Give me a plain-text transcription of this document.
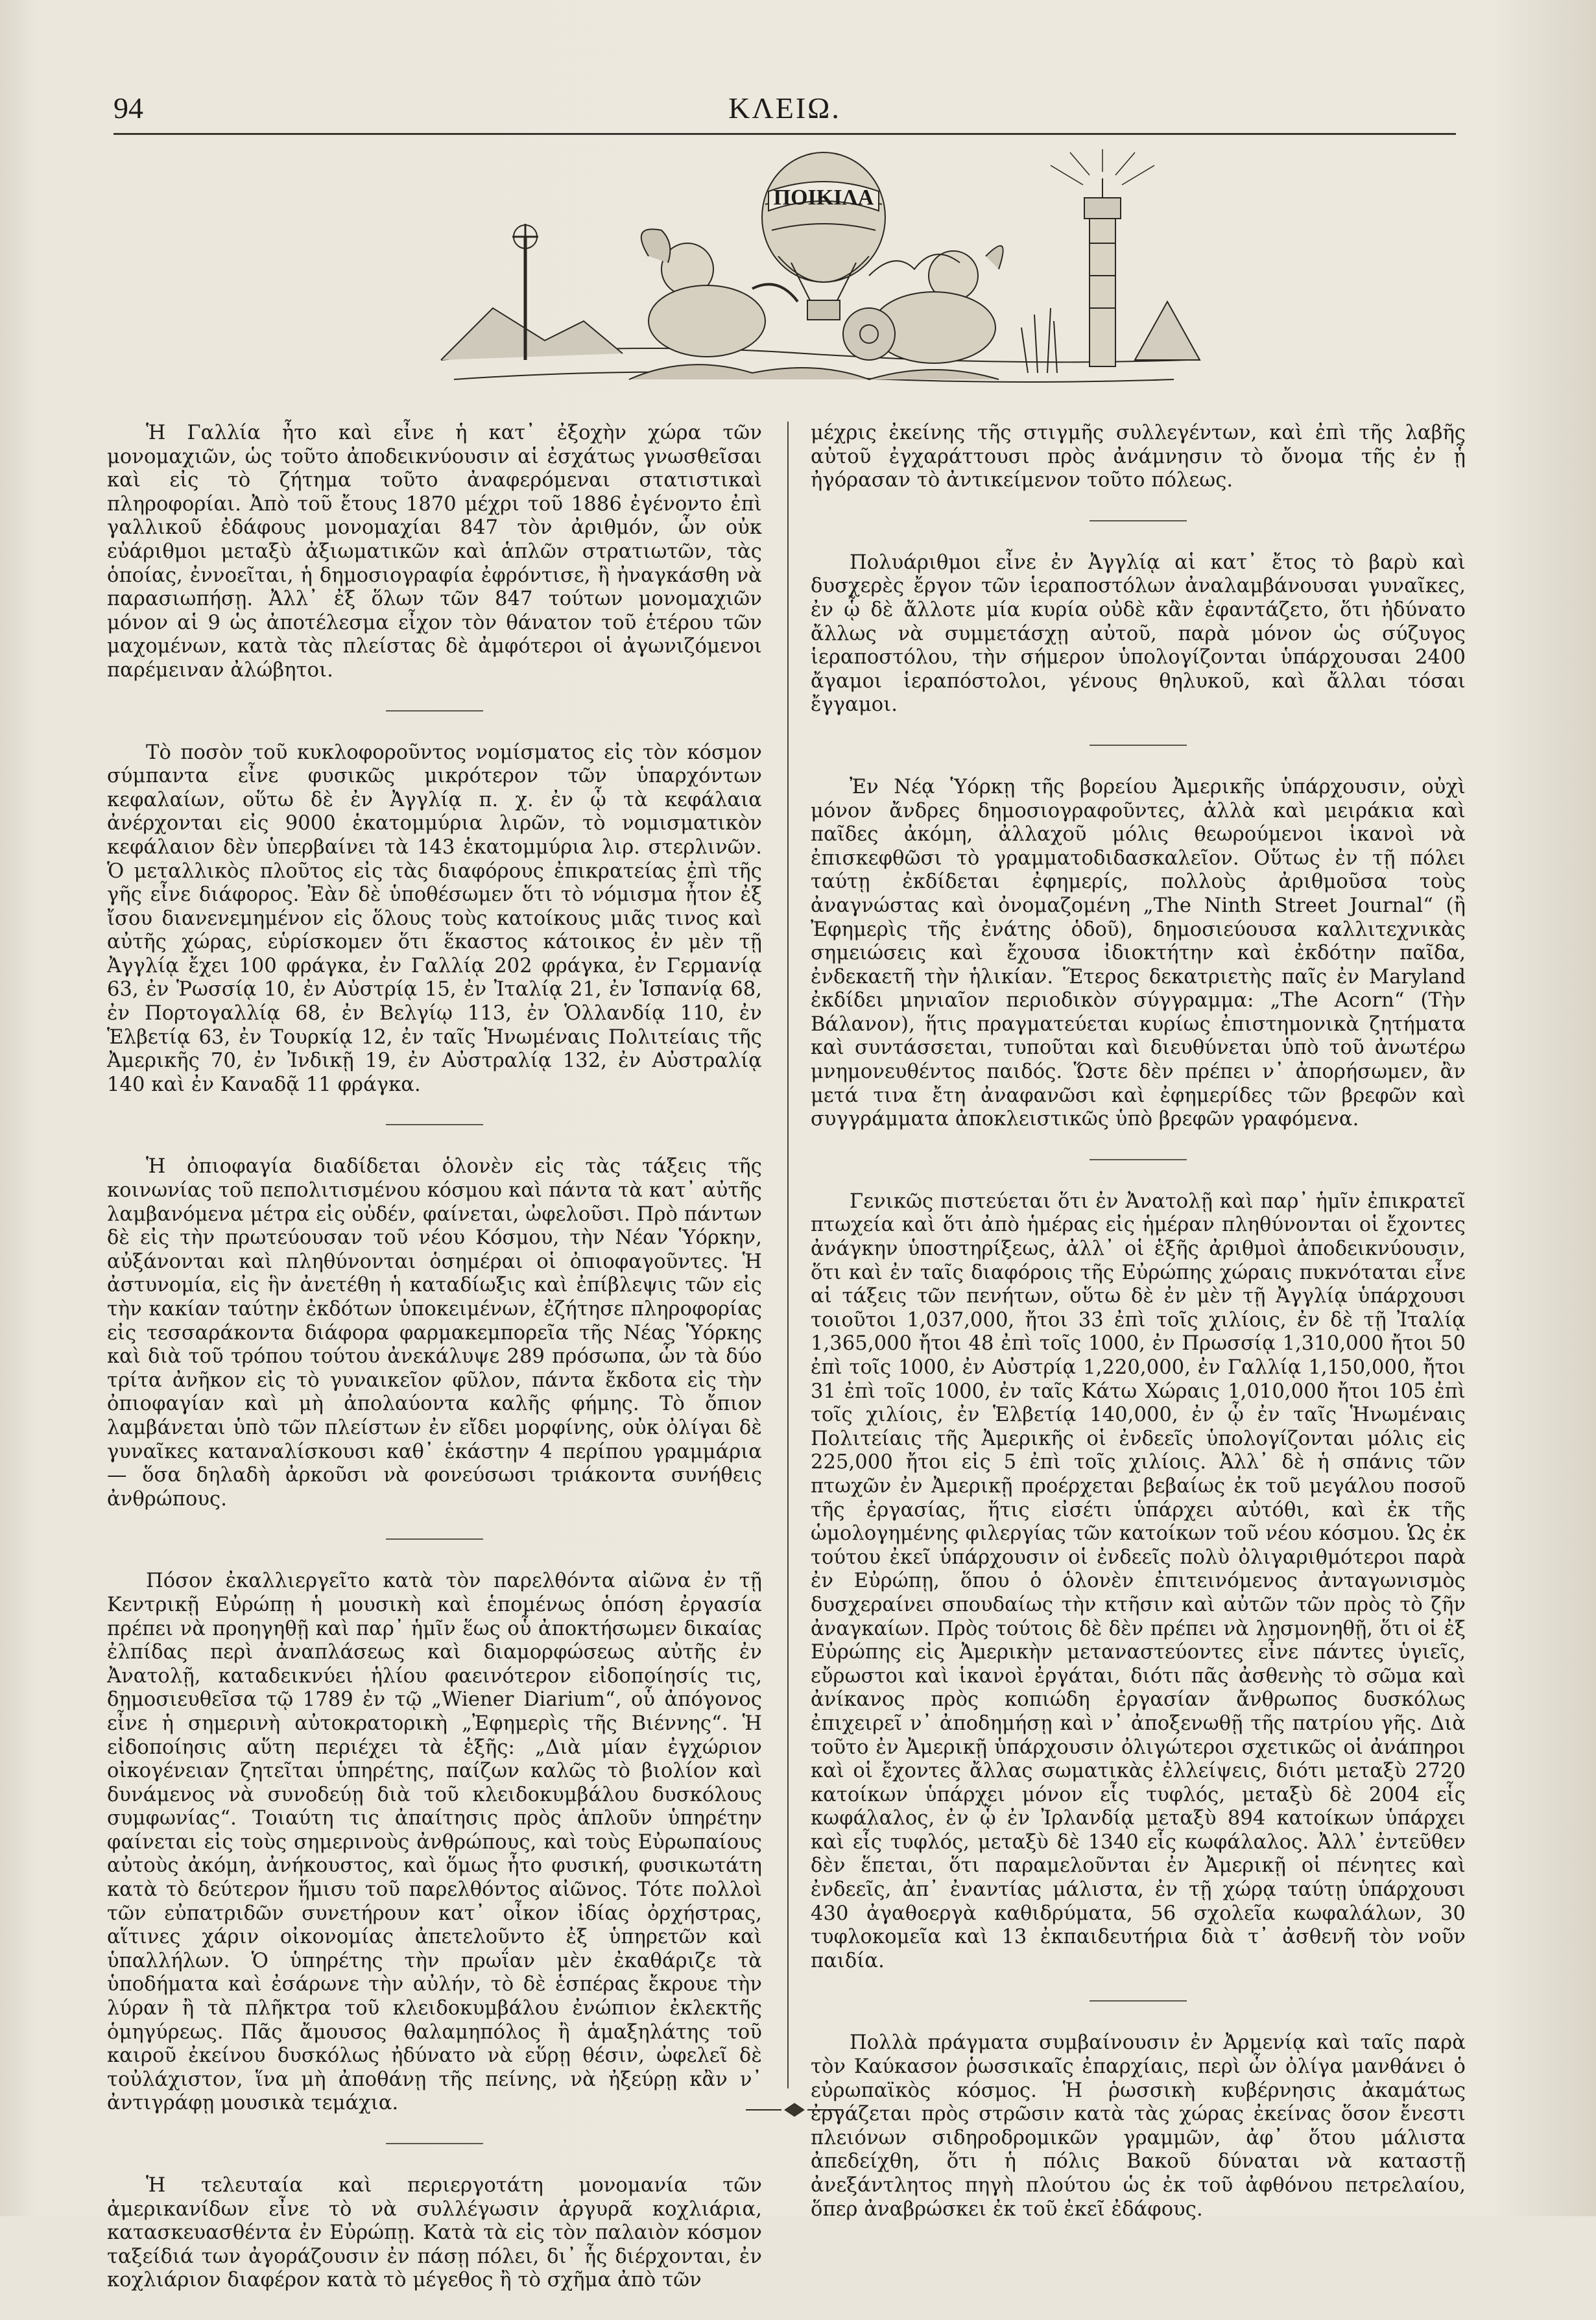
94	ΚΛΕΙΩ.
ΠΟΙΚΙΛΑ

Ἡ Γαλλία ἦτο καὶ εἶνε ἡ κατ᾽ ἐξοχὴν χώρα τῶν μονομαχιῶν, ὡς τοῦτο ἀποδεικνύουσιν αἱ ἐσχάτως γνωσθεῖσαι καὶ εἰς τὸ ζήτημα τοῦτο ἀναφερόμεναι στατιστικαὶ πληροφορίαι. Ἀπὸ τοῦ ἔτους 1870 μέχρι τοῦ 1886 ἐγένοντο ἐπὶ γαλλικοῦ ἐδάφους μονομαχίαι 847 τὸν ἀριθμόν, ὧν οὐκ εὐάριθμοι μεταξὺ ἀξιωματικῶν καὶ ἁπλῶν στρατιωτῶν, τὰς ὁποίας, ἐννοεῖται, ἡ δημοσιογραφία ἐφρόντισε, ἢ ἠναγκάσθη νὰ παρασιωπήσῃ. Ἀλλ᾽ ἐξ ὅλων τῶν 847 τούτων μονομαχιῶν μόνον αἱ 9 ὡς ἀποτέλεσμα εἶχον τὸν θάνατον τοῦ ἑτέρου τῶν μαχομένων, κατὰ τὰς πλείστας δὲ ἀμφότεροι οἱ ἀγωνιζόμενοι παρέμειναν ἀλώβητοι.

Τὸ ποσὸν τοῦ κυκλοφοροῦντος νομίσματος εἰς τὸν κόσμον σύμπαντα εἶνε φυσικῶς μικρότερον τῶν ὑπαρχόντων κεφαλαίων, οὕτω δὲ ἐν Ἀγγλίᾳ π. χ. ἐν ᾧ τὰ κεφάλαια ἀνέρχονται εἰς 9000 ἑκατομμύρια λιρῶν, τὸ νομισματικὸν κεφάλαιον δὲν ὑπερβαίνει τὰ 143 ἑκατομμύρια λιρ. στερλινῶν. Ὁ μεταλλικὸς πλοῦτος εἰς τὰς διαφόρους ἐπικρατείας ἐπὶ τῆς γῆς εἶνε διάφορος. Ἐὰν δὲ ὑποθέσωμεν ὅτι τὸ νόμισμα ἦτον ἐξ ἴσου διανενεμημένον εἰς ὅλους τοὺς κατοίκους μιᾶς τινος καὶ αὐτῆς χώρας, εὑρίσκομεν ὅτι ἕκαστος κάτοικος ἐν μὲν τῇ Ἀγγλίᾳ ἔχει 100 φράγκα, ἐν Γαλλίᾳ 202 φράγκα, ἐν Γερμανίᾳ 63, ἐν Ῥωσσίᾳ 10, ἐν Αὐστρίᾳ 15, ἐν Ἰταλίᾳ 21, ἐν Ἱσπανίᾳ 68, ἐν Πορτογαλλίᾳ 68, ἐν Βελγίῳ 113, ἐν Ὁλλανδίᾳ 110, ἐν Ἑλβετίᾳ 63, ἐν Τουρκίᾳ 12, ἐν ταῖς Ἡνωμέναις Πολιτείαις τῆς Ἀμερικῆς 70, ἐν Ἰνδικῇ 19, ἐν Αὐστραλίᾳ 132, ἐν Αὐστραλίᾳ 140 καὶ ἐν Καναδᾷ 11 φράγκα.

Ἡ ὀπιοφαγία διαδίδεται ὁλονὲν εἰς τὰς τάξεις τῆς κοινωνίας τοῦ πεπολιτισμένου κόσμου καὶ πάντα τὰ κατ᾽ αὐτῆς λαμβανόμενα μέτρα εἰς οὐδέν, φαίνεται, ὠφελοῦσι. Πρὸ πάντων δὲ εἰς τὴν πρωτεύουσαν τοῦ νέου Κόσμου, τὴν Νέαν Ὑόρκην, αὐξάνονται καὶ πληθύνονται ὁσημέραι οἱ ὀπιοφαγοῦντες. Ἡ ἀστυνομία, εἰς ἣν ἀνετέθη ἡ καταδίωξις καὶ ἐπίβλεψις τῶν εἰς τὴν κακίαν ταύτην ἐκδότων ὑποκειμένων, ἐζήτησε πληροφορίας εἰς τεσσαράκοντα διάφορα φαρμακεμπορεῖα τῆς Νέας Ὑόρκης καὶ διὰ τοῦ τρόπου τούτου ἀνεκάλυψε 289 πρόσωπα, ὧν τὰ δύο τρίτα ἀνῆκον εἰς τὸ γυναικεῖον φῦλον, πάντα ἔκδοτα εἰς τὴν ὀπιοφαγίαν καὶ μὴ ἀπολαύοντα καλῆς φήμης. Τὸ ὄπιον λαμβάνεται ὑπὸ τῶν πλείστων ἐν εἴδει μορφίνης, οὐκ ὀλίγαι δὲ γυναῖκες καταναλίσκουσι καθ᾽ ἑκάστην 4 περίπου γραμμάρια — ὅσα δηλαδὴ ἀρκοῦσι νὰ φονεύσωσι τριάκοντα συνήθεις ἀνθρώπους.

Πόσον ἐκαλλιεργεῖτο κατὰ τὸν παρελθόντα αἰῶνα ἐν τῇ Κεντρικῇ Εὐρώπῃ ἡ μουσικὴ καὶ ἑπομένως ὁπόση ἐργασία πρέπει νὰ προηγηθῇ καὶ παρ᾽ ἡμῖν ἕως οὗ ἀποκτήσωμεν δικαίας ἐλπίδας περὶ ἀναπλάσεως καὶ διαμορφώσεως αὐτῆς ἐν Ἀνατολῇ, καταδεικνύει ἡλίου φαεινότερον εἰδοποίησίς τις, δημοσιευθεῖσα τῷ 1789 ἐν τῷ „Wiener Diarium“, οὗ ἀπόγονος εἶνε ἡ σημερινὴ αὐτοκρατορικὴ „Ἐφημερὶς τῆς Βιέννης“. Ἡ εἰδοποίησις αὕτη περιέχει τὰ ἑξῆς: „Διὰ μίαν ἐγχώριον οἰκογένειαν ζητεῖται ὑπηρέτης, παίζων καλῶς τὸ βιολίον καὶ δυνάμενος νὰ συνοδεύῃ διὰ τοῦ κλειδοκυμβάλου δυσκόλους συμφωνίας“. Τοιαύτη τις ἀπαίτησις πρὸς ἁπλοῦν ὑπηρέτην φαίνεται εἰς τοὺς σημερινοὺς ἀνθρώπους, καὶ τοὺς Εὐρωπαίους αὐτοὺς ἀκόμη, ἀνήκουστος, καὶ ὅμως ἦτο φυσική, φυσικωτάτη κατὰ τὸ δεύτερον ἥμισυ τοῦ παρελθόντος αἰῶνος. Τότε πολλοὶ τῶν εὐπατριδῶν συνετήρουν κατ᾽ οἶκον ἰδίας ὀρχήστρας, αἵτινες χάριν οἰκονομίας ἀπετελοῦντο ἐξ ὑπηρετῶν καὶ ὑπαλλήλων. Ὁ ὑπηρέτης τὴν πρωΐαν μὲν ἐκαθάριζε τὰ ὑποδήματα καὶ ἐσάρωνε τὴν αὐλήν, τὸ δὲ ἑσπέρας ἔκρουε τὴν λύραν ἢ τὰ πλῆκτρα τοῦ κλειδοκυμβάλου ἐνώπιον ἐκλεκτῆς ὁμηγύρεως. Πᾶς ἄμουσος θαλαμηπόλος ἢ ἁμαξηλάτης τοῦ καιροῦ ἐκείνου δυσκόλως ἠδύνατο νὰ εὕρῃ θέσιν, ὠφελεῖ δὲ τοὐλάχιστον, ἵνα μὴ ἀποθάνῃ τῆς πείνης, νὰ ἠξεύρῃ κἂν ν᾽ ἀντιγράφῃ μουσικὰ τεμάχια.

Ἡ τελευταία καὶ περιεργοτάτη μονομανία τῶν ἀμερικανίδων εἶνε τὸ νὰ συλλέγωσιν ἀργυρᾶ κοχλιάρια, κατασκευασθέντα ἐν Εὐρώπῃ. Κατὰ τὰ εἰς τὸν παλαιὸν κόσμον ταξείδιά των ἀγοράζουσιν ἐν πάσῃ πόλει, δι᾽ ἧς διέρχονται, ἐν κοχλιάριον διαφέρον κατὰ τὸ μέγεθος ἢ τὸ σχῆμα ἀπὸ τῶν

μέχρις ἐκείνης τῆς στιγμῆς συλλεγέντων, καὶ ἐπὶ τῆς λαβῆς αὐτοῦ ἐγχαράττουσι πρὸς ἀνάμνησιν τὸ ὄνομα τῆς ἐν ᾗ ἠγόρασαν τὸ ἀντικείμενον τοῦτο πόλεως.

Πολυάριθμοι εἶνε ἐν Ἀγγλίᾳ αἱ κατ᾽ ἔτος τὸ βαρὺ καὶ δυσχερὲς ἔργον τῶν ἱεραποστόλων ἀναλαμβάνουσαι γυναῖκες, ἐν ᾧ δὲ ἄλλοτε μία κυρία οὐδὲ κἂν ἐφαντάζετο, ὅτι ἠδύνατο ἄλλως νὰ συμμετάσχῃ αὐτοῦ, παρὰ μόνον ὡς σύζυγος ἱεραποστόλου, τὴν σήμερον ὑπολογίζονται ὑπάρχουσαι 2400 ἄγαμοι ἱεραπόστολοι, γένους θηλυκοῦ, καὶ ἄλλαι τόσαι ἔγγαμοι.

Ἐν Νέᾳ Ὑόρκῃ τῆς βορείου Ἀμερικῆς ὑπάρχουσιν, οὐχὶ μόνον ἄνδρες δημοσιογραφοῦντες, ἀλλὰ καὶ μειράκια καὶ παῖδες ἀκόμη, ἀλλαχοῦ μόλις θεωρούμενοι ἱκανοὶ νὰ ἐπισκεφθῶσι τὸ γραμματοδιδασκαλεῖον. Οὕτως ἐν τῇ πόλει ταύτῃ ἐκδίδεται ἐφημερίς, πολλοὺς ἀριθμοῦσα τοὺς ἀναγνώστας καὶ ὀνομαζομένη „The Ninth Street Journal“ (ἢ Ἐφημερὶς τῆς ἐνάτης ὁδοῦ), δημοσιεύουσα καλλιτεχνικὰς σημειώσεις καὶ ἔχουσα ἰδιοκτήτην καὶ ἐκδότην παῖδα, ἐνδεκαετῆ τὴν ἡλικίαν. Ἕτερος δεκατριετὴς παῖς ἐν Maryland ἐκδίδει μηνιαῖον περιοδικὸν σύγγραμμα: „The Acorn“ (Τὴν Βάλανον), ἥτις πραγματεύεται κυρίως ἐπιστημονικὰ ζητήματα καὶ συντάσσεται, τυποῦται καὶ διευθύνεται ὑπὸ τοῦ ἀνωτέρω μνημονευθέντος παιδός. Ὥστε δὲν πρέπει ν᾽ ἀπορήσωμεν, ἂν μετά τινα ἔτη ἀναφανῶσι καὶ ἐφημερίδες τῶν βρεφῶν καὶ συγγράμματα ἀποκλειστικῶς ὑπὸ βρεφῶν γραφόμενα.

Γενικῶς πιστεύεται ὅτι ἐν Ἀνατολῇ καὶ παρ᾽ ἡμῖν ἐπικρατεῖ πτωχεία καὶ ὅτι ἀπὸ ἡμέρας εἰς ἡμέραν πληθύνονται οἱ ἔχοντες ἀνάγκην ὑποστηρίξεως, ἀλλ᾽ οἱ ἑξῆς ἀριθμοὶ ἀποδεικνύουσιν, ὅτι καὶ ἐν ταῖς διαφόροις τῆς Εὐρώπης χώραις πυκνόταται εἶνε αἱ τάξεις τῶν πενήτων, οὕτω δὲ ἐν μὲν τῇ Ἀγγλίᾳ ὑπάρχουσι τοιοῦτοι 1,037,000, ἤτοι 33 ἐπὶ τοῖς χιλίοις, ἐν δὲ τῇ Ἰταλίᾳ 1,365,000 ἤτοι 48 ἐπὶ τοῖς 1000, ἐν Πρωσσίᾳ 1,310,000 ἤτοι 50 ἐπὶ τοῖς 1000, ἐν Αὐστρίᾳ 1,220,000, ἐν Γαλλίᾳ 1,150,000, ἤτοι 31 ἐπὶ τοῖς 1000, ἐν ταῖς Κάτω Χώραις 1,010,000 ἤτοι 105 ἐπὶ τοῖς χιλίοις, ἐν Ἑλβετίᾳ 140,000, ἐν ᾧ ἐν ταῖς Ἡνωμέναις Πολιτείαις τῆς Ἀμερικῆς οἱ ἐνδεεῖς ὑπολογίζονται μόλις εἰς 225,000 ἤτοι εἰς 5 ἐπὶ τοῖς χιλίοις. Ἀλλ᾽ δὲ ἡ σπάνις τῶν πτωχῶν ἐν Ἀμερικῇ προέρχεται βεβαίως ἐκ τοῦ μεγάλου ποσοῦ τῆς ἐργασίας, ἥτις εἰσέτι ὑπάρχει αὐτόθι, καὶ ἐκ τῆς ὡμολογημένης φιλεργίας τῶν κατοίκων τοῦ νέου κόσμου. Ὡς ἐκ τούτου ἐκεῖ ὑπάρχουσιν οἱ ἐνδεεῖς πολὺ ὀλιγαριθμότεροι παρὰ ἐν Εὐρώπῃ, ὅπου ὁ ὁλονὲν ἐπιτεινόμενος ἀνταγωνισμὸς δυσχεραίνει σπουδαίως τὴν κτῆσιν καὶ αὐτῶν τῶν πρὸς τὸ ζῆν ἀναγκαίων. Πρὸς τούτοις δὲ δὲν πρέπει νὰ λησμονηθῇ, ὅτι οἱ ἐξ Εὐρώπης εἰς Ἀμερικὴν μεταναστεύοντες εἶνε πάντες ὑγιεῖς, εὔρωστοι καὶ ἱκανοὶ ἐργάται, διότι πᾶς ἀσθενὴς τὸ σῶμα καὶ ἀνίκανος πρὸς κοπιώδη ἐργασίαν ἄνθρωπος δυσκόλως ἐπιχειρεῖ ν᾽ ἀποδημήσῃ καὶ ν᾽ ἀποξενωθῇ τῆς πατρίου γῆς. Διὰ τοῦτο ἐν Ἀμερικῇ ὑπάρχουσιν ὀλιγώτεροι σχετικῶς οἱ ἀνάπηροι καὶ οἱ ἔχοντες ἄλλας σωματικὰς ἐλλείψεις, διότι μεταξὺ 2720 κατοίκων ὑπάρχει μόνον εἷς τυφλός, μεταξὺ δὲ 2004 εἷς κωφάλαλος, ἐν ᾧ ἐν Ἰρλανδίᾳ μεταξὺ 894 κατοίκων ὑπάρχει καὶ εἷς τυφλός, μεταξὺ δὲ 1340 εἷς κωφάλαλος. Ἀλλ᾽ ἐντεῦθεν δὲν ἕπεται, ὅτι παραμελοῦνται ἐν Ἀμερικῇ οἱ πένητες καὶ ἐνδεεῖς, ἀπ᾽ ἐναντίας μάλιστα, ἐν τῇ χώρᾳ ταύτῃ ὑπάρχουσι 430 ἀγαθοεργὰ καθιδρύματα, 56 σχολεῖα κωφαλάλων, 30 τυφλοκομεῖα καὶ 13 ἐκπαιδευτήρια διὰ τ᾽ ἀσθενῆ τὸν νοῦν παιδία.

Πολλὰ πράγματα συμβαίνουσιν ἐν Ἀρμενίᾳ καὶ ταῖς παρὰ τὸν Καύκασον ῥωσσικαῖς ἐπαρχίαις, περὶ ὧν ὀλίγα μανθάνει ὁ εὐρωπαϊκὸς κόσμος. Ἡ ῥωσσικὴ κυβέρνησις ἀκαμάτως ἐργάζεται πρὸς στρῶσιν κατὰ τὰς χώρας ἐκείνας ὅσον ἔνεστι πλειόνων σιδηροδρομικῶν γραμμῶν, ἀφ᾽ ὅτου μάλιστα ἀπεδείχθη, ὅτι ἡ πόλις Βακοῦ δύναται νὰ καταστῇ ἀνεξάντλητος πηγὴ πλούτου ὡς ἐκ τοῦ ἀφθόνου πετρελαίου, ὅπερ ἀναβρώσκει ἐκ τοῦ ἐκεῖ ἐδάφους.
